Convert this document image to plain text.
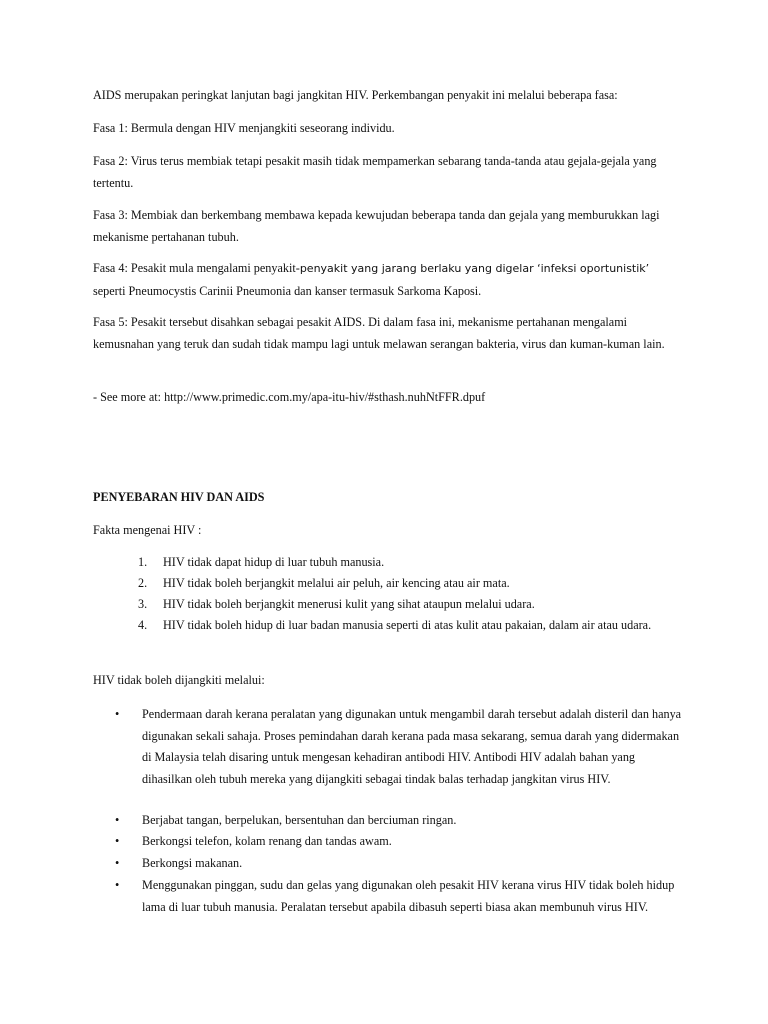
AIDS merupakan peringkat lanjutan bagi jangkitan HIV. Perkembangan penyakit ini melalui beberapa fasa:

Fasa 1: Bermula dengan HIV menjangkiti seseorang individu.

Fasa 2: Virus terus membiak tetapi pesakit masih tidak mempamerkan sebarang tanda-tanda atau gejala-gejala yang tertentu.

Fasa 3: Membiak dan berkembang membawa kepada kewujudan beberapa tanda dan gejala yang memburukkan lagi mekanisme pertahanan tubuh.

Fasa 4: Pesakit mula mengalami penyakit-penyakit yang jarang berlaku yang digelar ‘infeksi oportunistik’
seperti Pneumocystis Carinii Pneumonia dan kanser termasuk Sarkoma Kaposi.

Fasa 5: Pesakit tersebut disahkan sebagai pesakit AIDS. Di dalam fasa ini, mekanisme pertahanan mengalami kemusnahan yang teruk dan sudah tidak mampu lagi untuk melawan serangan bakteria, virus dan kuman-kuman lain.

- See more at: http://www.primedic.com.my/apa-itu-hiv/#sthash.nuhNtFFR.dpuf

PENYEBARAN HIV DAN AIDS

Fakta mengenai HIV :

1. HIV tidak dapat hidup di luar tubuh manusia.

2. HIV tidak boleh berjangkit melalui air peluh, air kencing atau air mata.

3. HIV tidak boleh berjangkit menerusi kulit yang sihat ataupun melalui udara.

4. HIV tidak boleh hidup di luar badan manusia seperti di atas kulit atau pakaian, dalam air atau udara.

HIV tidak boleh dijangkiti melalui:

• Pendermaan darah kerana peralatan yang digunakan untuk mengambil darah tersebut adalah disteril dan hanya digunakan sekali sahaja. Proses pemindahan darah kerana pada masa sekarang, semua darah yang didermakan di Malaysia telah disaring untuk mengesan kehadiran antibodi HIV. Antibodi HIV adalah bahan yang dihasilkan oleh tubuh mereka yang dijangkiti sebagai tindak balas terhadap jangkitan virus HIV.

• Berjabat tangan, berpelukan, bersentuhan dan berciuman ringan.

• Berkongsi telefon, kolam renang dan tandas awam.

• Berkongsi makanan.

• Menggunakan pinggan, sudu dan gelas yang digunakan oleh pesakit HIV kerana virus HIV tidak boleh hidup lama di luar tubuh manusia. Peralatan tersebut apabila dibasuh seperti biasa akan membunuh virus HIV.
